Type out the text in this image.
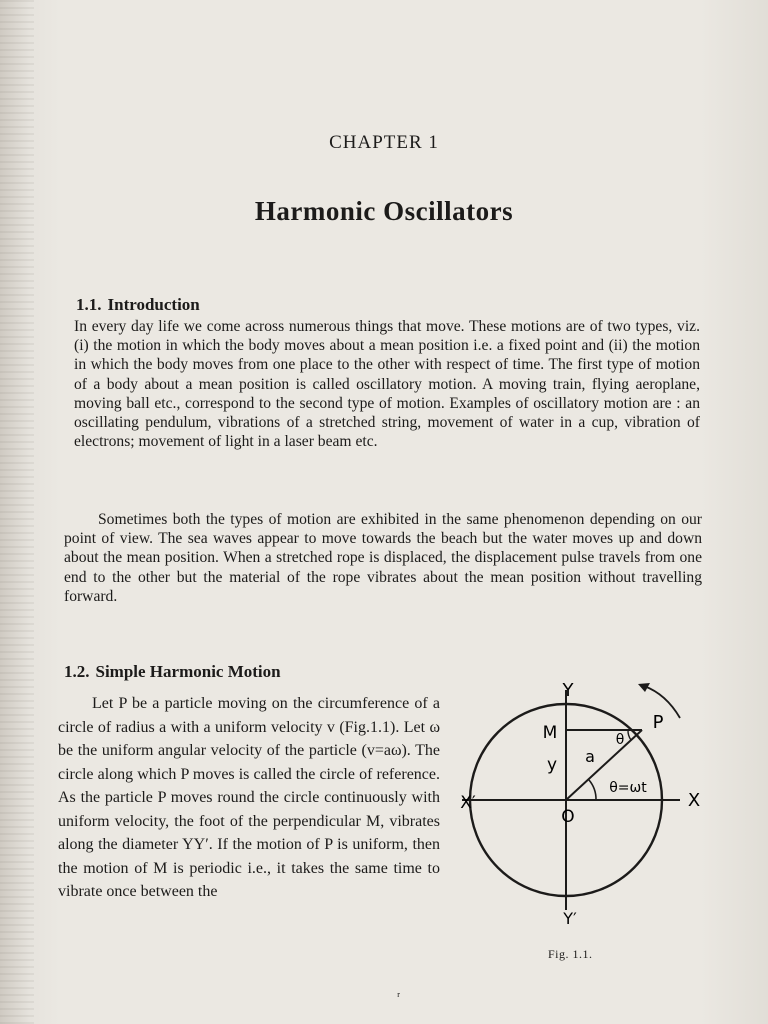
CHAPTER 1
Harmonic Oscillators
1.1. Introduction
In every day life we come across numerous things that move. These motions are of two types, viz. (i) the motion in which the body moves about a mean position i.e. a fixed point and (ii) the motion in which the body moves from one place to the other with respect of time. The first type of motion of a body about a mean position is called oscillatory motion. A moving train, flying aeroplane, moving ball etc., correspond to the second type of motion. Examples of oscillatory motion are : an oscillating pendulum, vibrations of a stretched string, movement of water in a cup, vibration of electrons; movement of light in a laser beam etc.
Sometimes both the types of motion are exhibited in the same phenomenon depending on our point of view. The sea waves appear to move towards the beach but the water moves up and down about the mean position. When a stretched rope is displaced, the displacement pulse travels from one end to the other but the material of the rope vibrates about the mean position without travelling forward.
1.2. Simple Harmonic Motion
Let P be a particle moving on the circumference of a circle of radius a with a uniform velocity v (Fig.1.1). Let ω be the uniform angular velocity of the particle (v=aω). The circle along which P moves is called the circle of reference. As the particle P moves round the circle continuously with uniform velocity, the foot of the perpendicular M, vibrates along the diameter YY′. If the motion of P is uniform, then the motion of M is periodic i.e., it takes the same time to vibrate once between the
Y
Y′
X′	X
O
P
M
y a
θ
θ=ωt
Fig. 1.1.
ʳ
